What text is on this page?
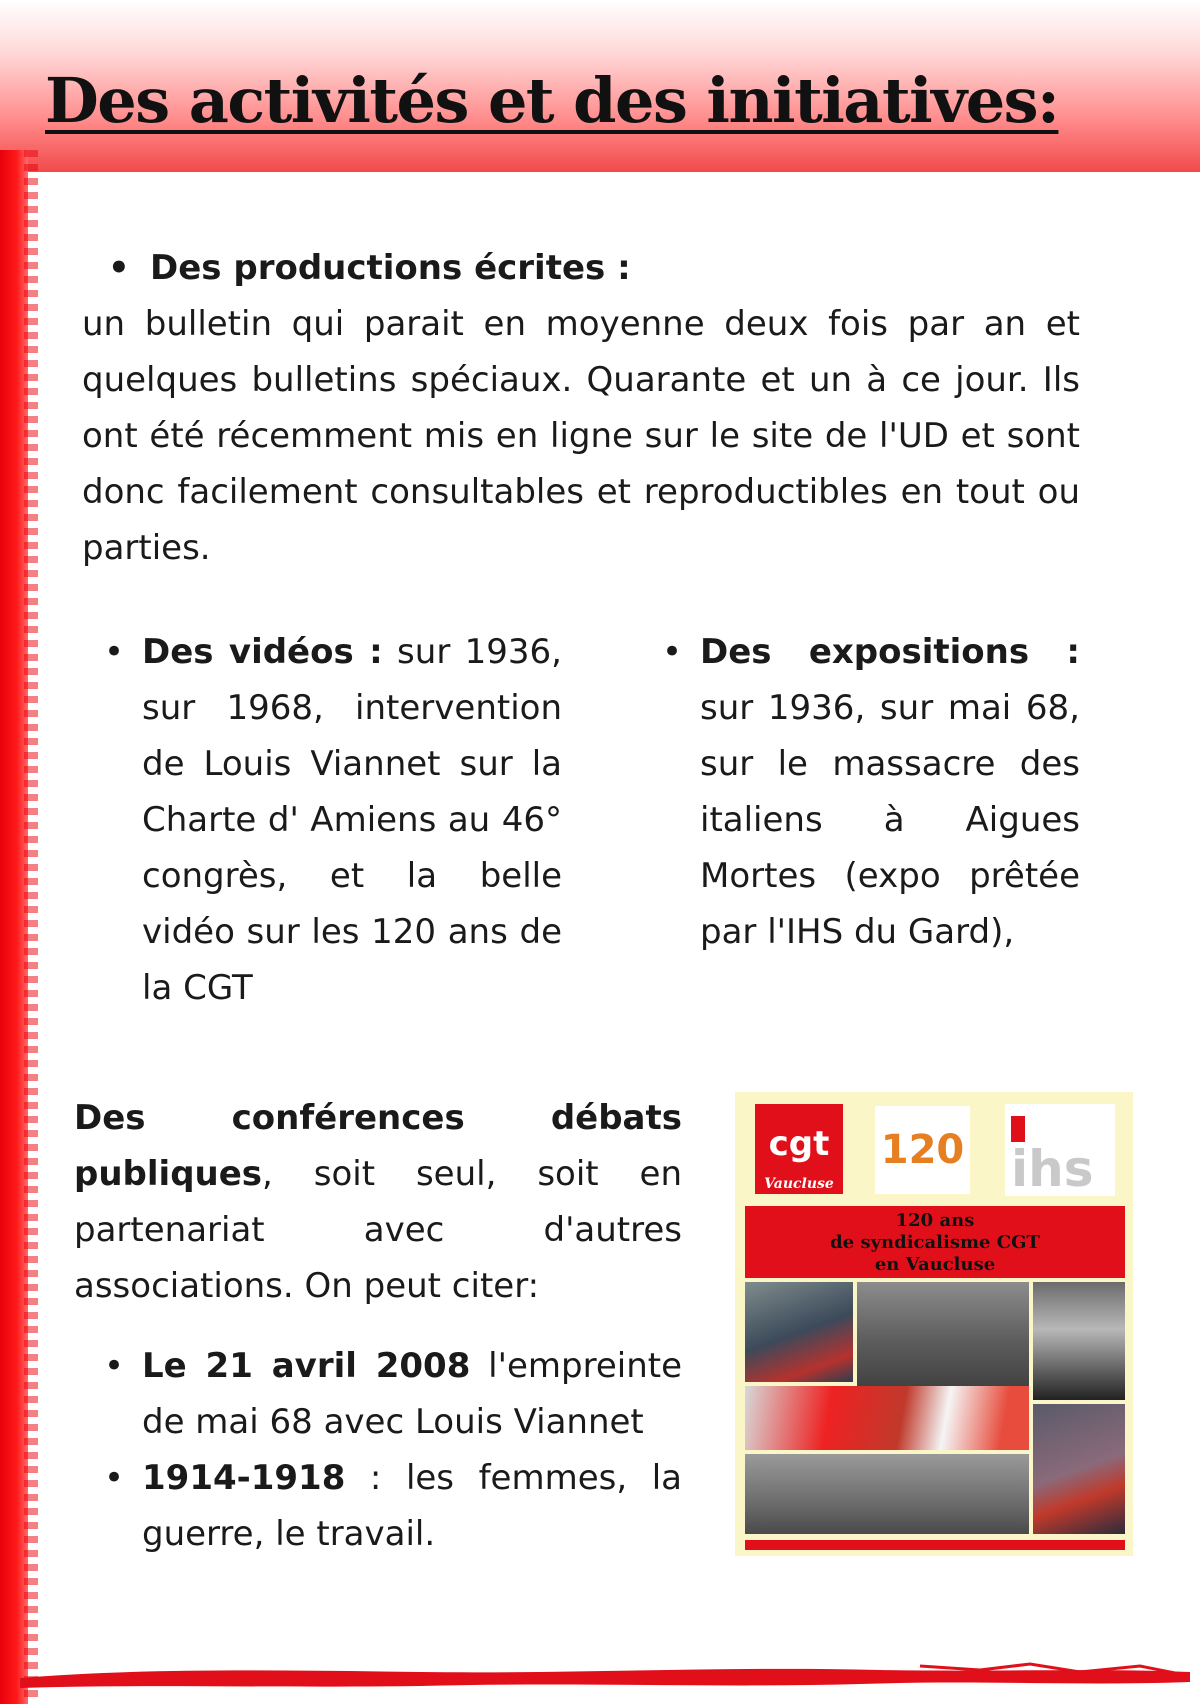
Des activités et des initiatives:
• Des productions écrites :

un bulletin qui parait en moyenne deux fois par an et quelques bulletins spéciaux. Quarante et un à ce jour. Ils ont été récemment mis en ligne sur le site de l'UD et sont donc facilement consultables et reproductibles en tout ou parties.

• Des vidéos : sur 1936, sur 1968, intervention de Louis Viannet sur la Charte d' Amiens au 46° congrès, et la belle vidéo sur les 120 ans de la CGT
• Des expositions : sur 1936, sur mai 68, sur le massacre des italiens à Aigues Mortes (expo prêtée par l'IHS du Gard),

Des conférences débats publiques, soit seul, soit en partenariat avec d'autres associations. On peut citer:

• Le 21 avril 2008 l'empreinte de mai 68 avec Louis Viannet
• 1914-1918 : les femmes, la guerre, le travail.
cgt
Vaucluse
120 ihs
120 ans
de syndicalisme CGT
en Vaucluse
